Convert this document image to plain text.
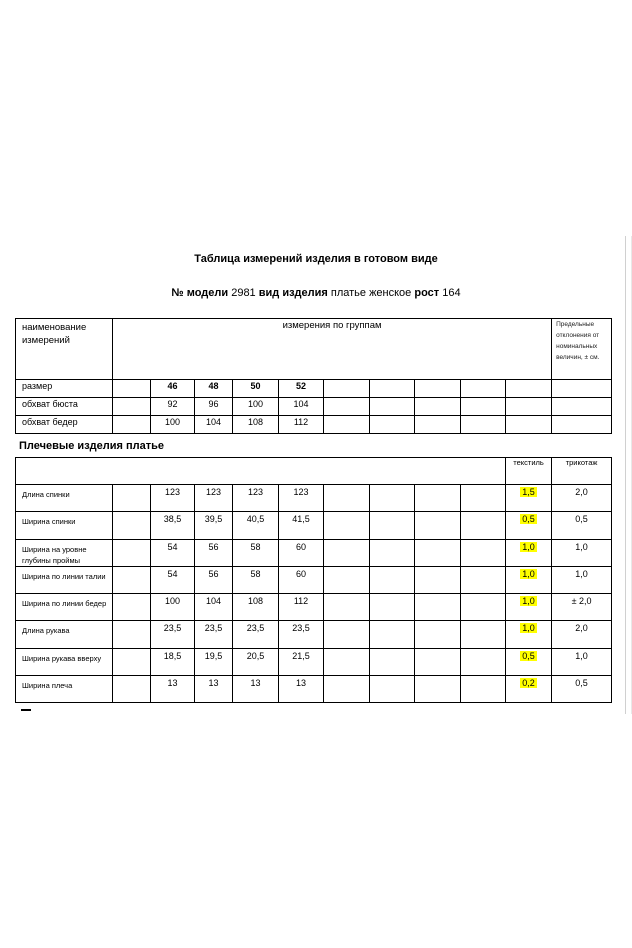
Таблица измерений изделия в готовом виде
№ модели 2981 вид изделия платье женское рост 164
наименование измерений	измерения по группам										Предельные отклонения от номинальных величин, ± см.
размер		46	48	50	52						
обхват бюста		92	96	100	104						
обхват бедер		100	104	108	112						
Плечевые изделия платье
										текстиль	трикотаж
Длина спинки		123	123	123	123					1,5	2,0
Ширина спинки		38,5	39,5	40,5	41,5					0,5	0,5
Ширина на уровне глубины проймы		54	56	58	60					1,0	1,0
Ширина по линии талии		54	56	58	60					1,0	1,0
Ширина по линии бедер		100	104	108	112					1,0	± 2,0
Длина рукава		23,5	23,5	23,5	23,5					1,0	2,0
Ширина рукава вверху		18,5	19,5	20,5	21,5					0,5	1,0
Ширина плеча		13	13	13	13					0,2	0,5
